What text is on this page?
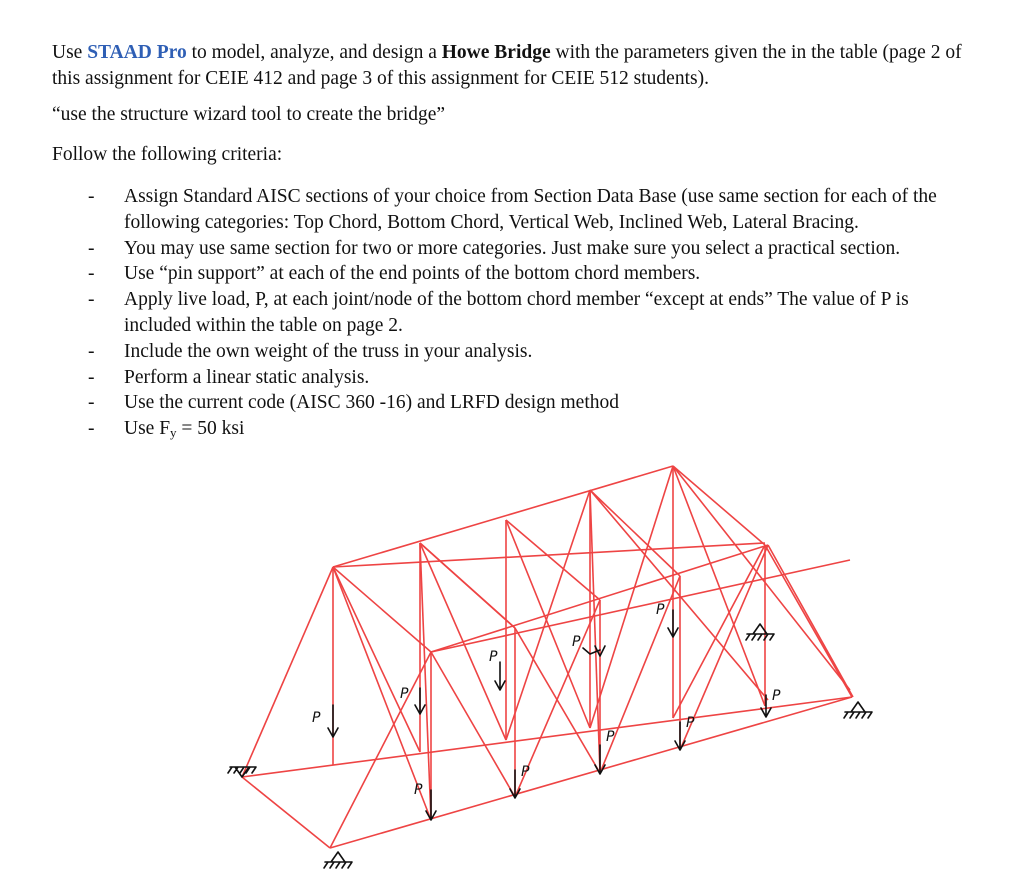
Use STAAD Pro to model, analyze, and design a Howe Bridge with the parameters given the in the table (page 2 of this assignment for CEIE 412 and page 3 of this assignment for CEIE 512 students).

“use the structure wizard tool to create the bridge”

Follow the following criteria:

- Assign Standard AISC sections of your choice from Section Data Base (use same section for each of the following categories: Top Chord, Bottom Chord, Vertical Web, Inclined Web, Lateral Bracing.
- You may use same section for two or more categories. Just make sure you select a practical section.
- Use “pin support” at each of the end points of the bottom chord members.
- Apply live load, P, at each joint/node of the bottom chord member “except at ends” The value of P is included within the table on page 2.
- Include the own weight of the truss in your analysis.
- Perform a linear static analysis.
- Use the current code (AISC 360 -16) and LRFD design method
- Use $F_y = 50$ ksi
P
P
P
P
P
P
P
P
P
P
